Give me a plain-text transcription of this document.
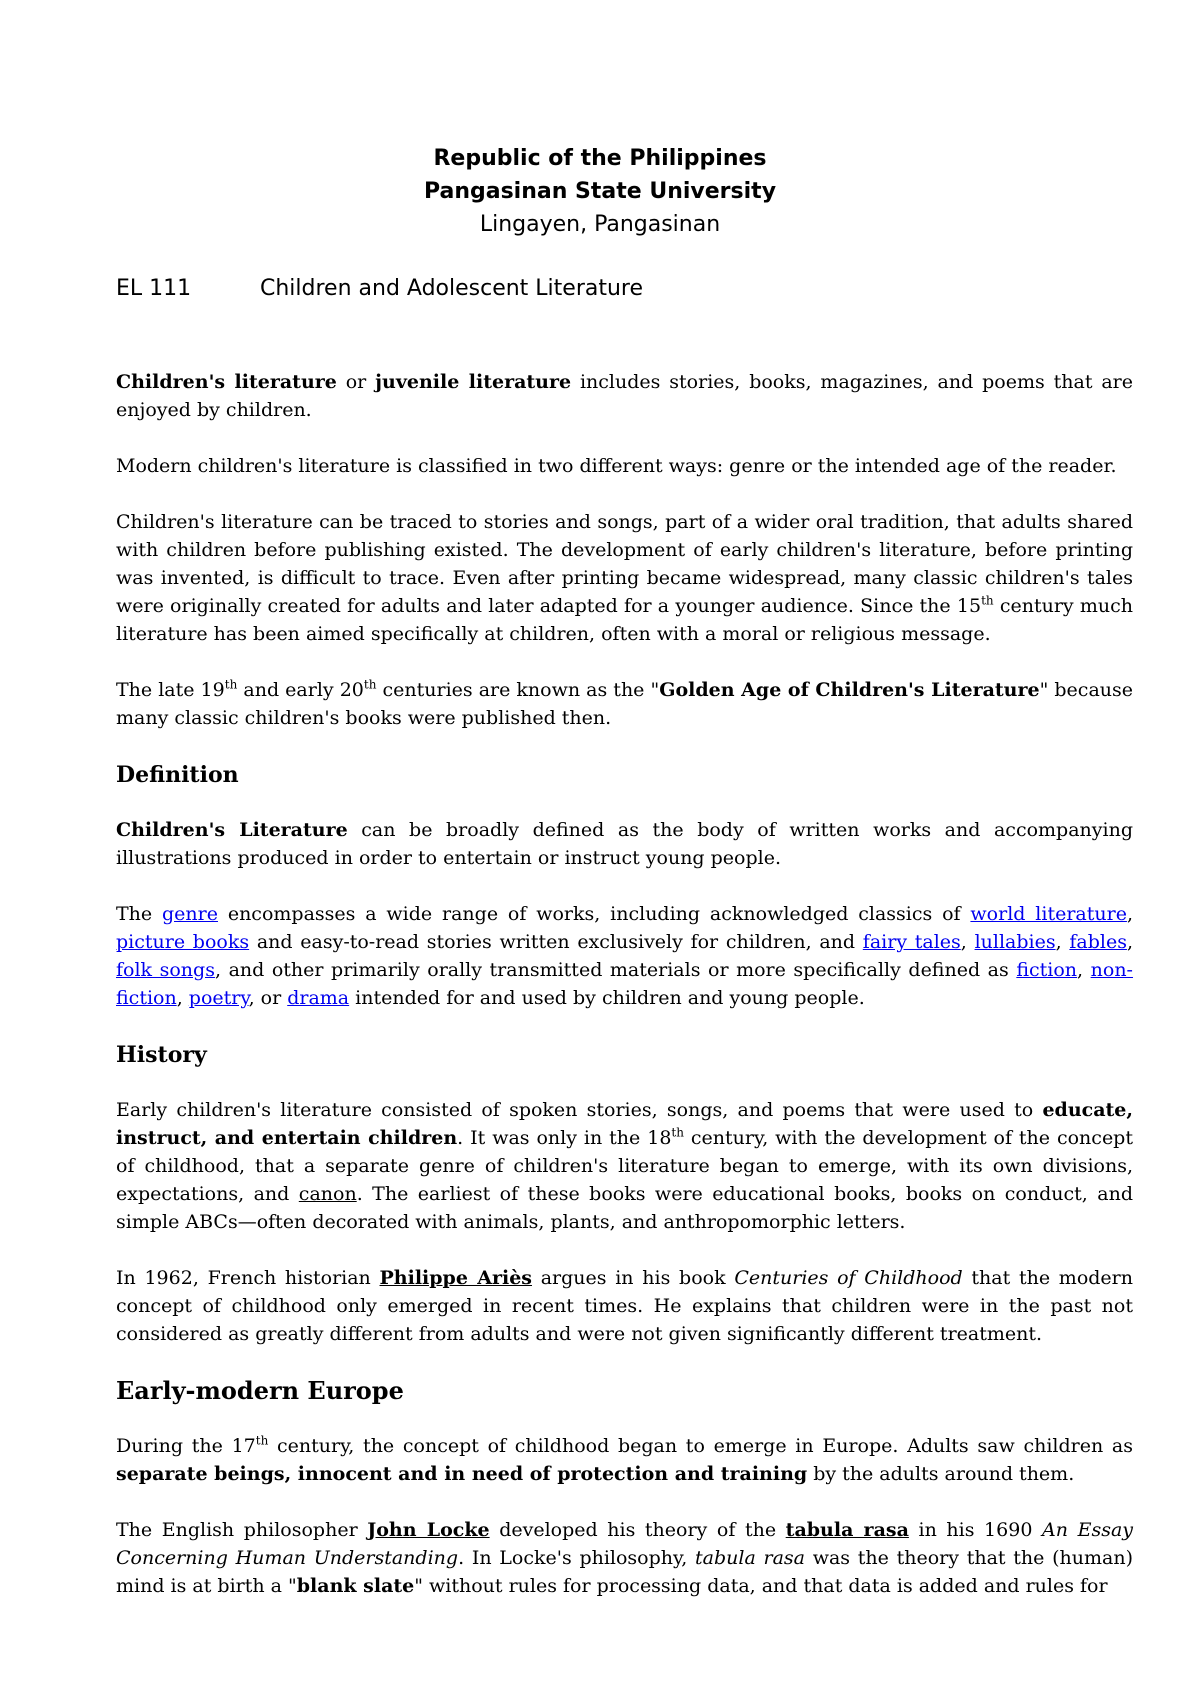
Republic of the Philippines
Pangasinan State University
Lingayen, Pangasinan
EL 111	Children and Adolescent Literature

Children's literature or juvenile literature includes stories, books, magazines, and poems that are enjoyed by children.

Modern children's literature is classified in two different ways: genre or the intended age of the reader.

Children's literature can be traced to stories and songs, part of a wider oral tradition, that adults shared with children before publishing existed. The development of early children's literature, before printing was invented, is difficult to trace. Even after printing became widespread, many classic children's tales were originally created for adults and later adapted for a younger audience. Since the 15th century much literature has been aimed specifically at children, often with a moral or religious message.

The late 19th and early 20th centuries are known as the "Golden Age of Children's Literature" because many classic children's books were published then.

Definition

Children's Literature can be broadly defined as the body of written works and accompanying illustrations produced in order to entertain or instruct young people.

The genre encompasses a wide range of works, including acknowledged classics of world literature, picture books and easy-to-read stories written exclusively for children, and fairy tales, lullabies, fables, folk songs, and other primarily orally transmitted materials or more specifically defined as fiction, non-fiction, poetry, or drama intended for and used by children and young people.

History

Early children's literature consisted of spoken stories, songs, and poems that were used to educate, instruct, and entertain children. It was only in the 18th century, with the development of the concept of childhood, that a separate genre of children's literature began to emerge, with its own divisions, expectations, and canon. The earliest of these books were educational books, books on conduct, and simple ABCs—often decorated with animals, plants, and anthropomorphic letters.

In 1962, French historian Philippe Ariès argues in his book Centuries of Childhood that the modern concept of childhood only emerged in recent times. He explains that children were in the past not considered as greatly different from adults and were not given significantly different treatment.

Early-modern Europe

During the 17th century, the concept of childhood began to emerge in Europe. Adults saw children as separate beings, innocent and in need of protection and training by the adults around them.

The English philosopher John Locke developed his theory of the tabula rasa in his 1690 An Essay Concerning Human Understanding. In Locke's philosophy, tabula rasa was the theory that the (human) mind is at birth a "blank slate" without rules for processing data, and that data is added and rules for
